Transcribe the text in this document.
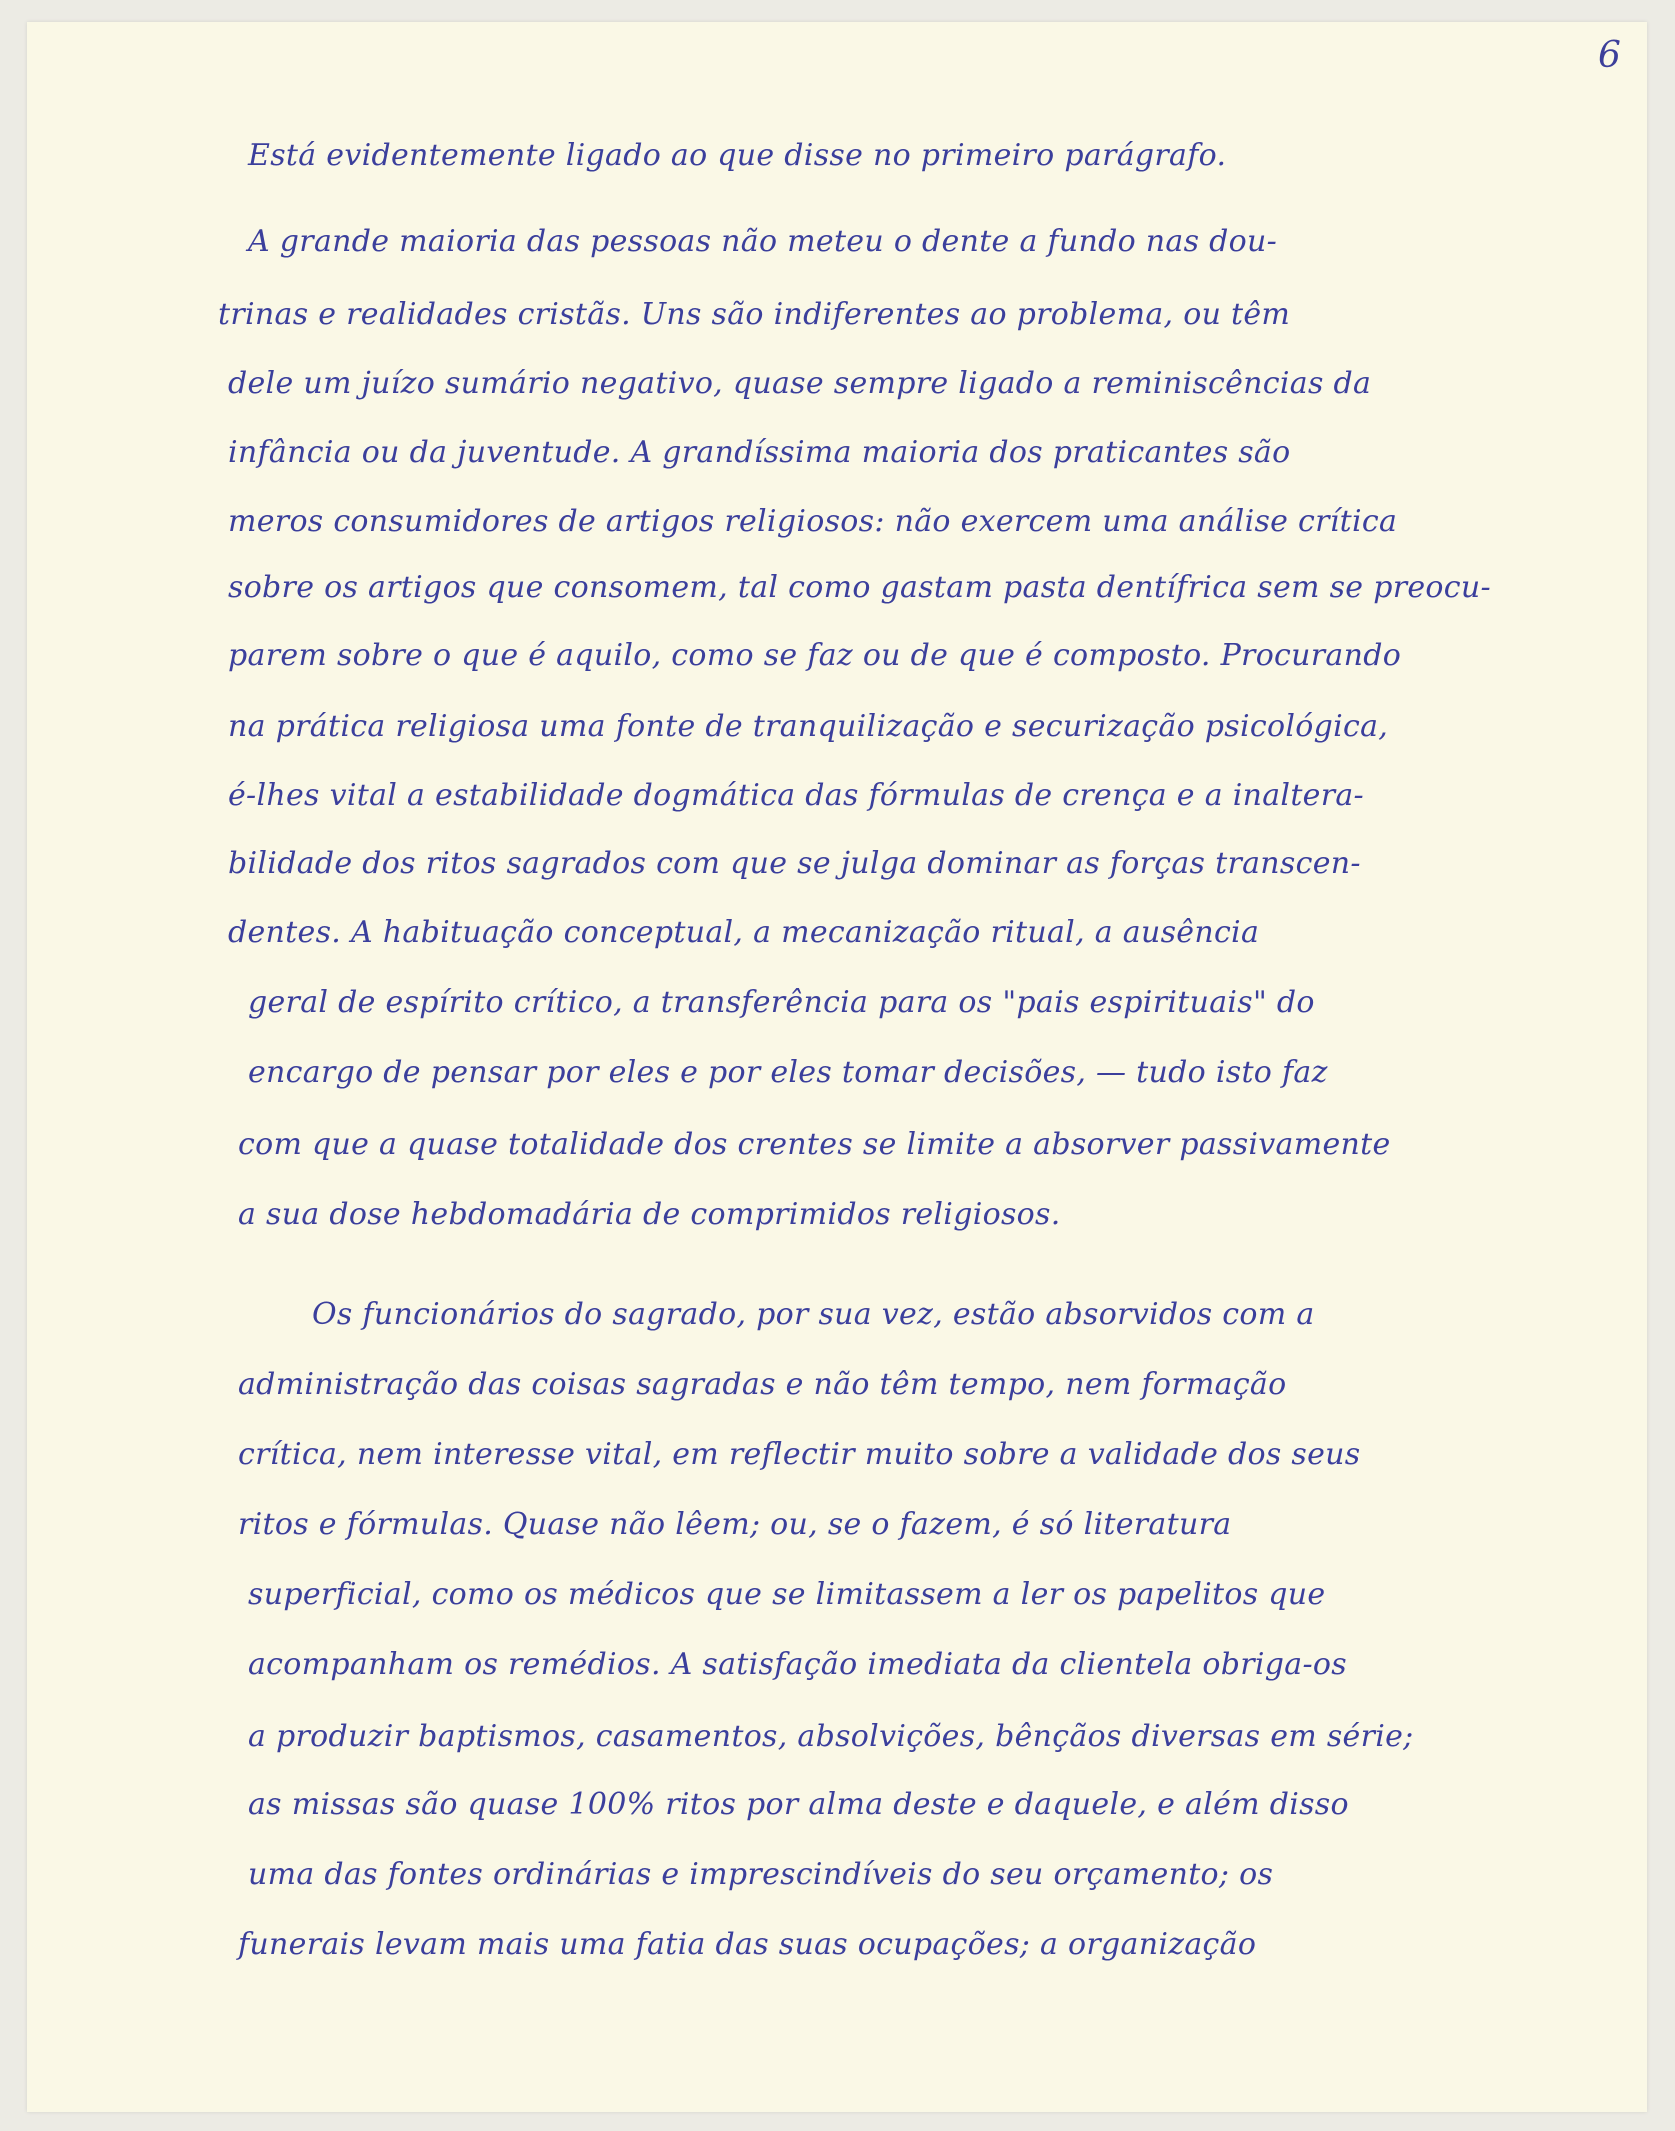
6
Está evidentemente ligado ao que disse no primeiro parágrafo.
A grande maioria das pessoas não meteu o dente a fundo nas dou-
trinas e realidades cristãs. Uns são indiferentes ao problema, ou têm
dele um juízo sumário negativo, quase sempre ligado a reminiscências da
infância ou da juventude. A grandíssima maioria dos praticantes são
meros consumidores de artigos religiosos: não exercem uma análise crítica
sobre os artigos que consomem, tal como gastam pasta dentífrica sem se preocu-
parem sobre o que é aquilo, como se faz ou de que é composto. Procurando
na prática religiosa uma fonte de tranquilização e securização psicológica,
é-lhes vital a estabilidade dogmática das fórmulas de crença e a inaltera-
bilidade dos ritos sagrados com que se julga dominar as forças transcen-
dentes. A habituação conceptual, a mecanização ritual, a ausência
geral de espírito crítico, a transferência para os "pais espirituais" do
encargo de pensar por eles e por eles tomar decisões, — tudo isto faz
com que a quase totalidade dos crentes se limite a absorver passivamente
a sua dose hebdomadária de comprimidos religiosos.
Os funcionários do sagrado, por sua vez, estão absorvidos com a
administração das coisas sagradas e não têm tempo, nem formação
crítica, nem interesse vital, em reflectir muito sobre a validade dos seus
ritos e fórmulas. Quase não lêem; ou, se o fazem, é só literatura
superficial, como os médicos que se limitassem a ler os papelitos que
acompanham os remédios. A satisfação imediata da clientela obriga-os
a produzir baptismos, casamentos, absolvições, bênçãos diversas em série;
as missas são quase 100% ritos por alma deste e daquele, e além disso
uma das fontes ordinárias e imprescindíveis do seu orçamento; os
funerais levam mais uma fatia das suas ocupações; a organização
